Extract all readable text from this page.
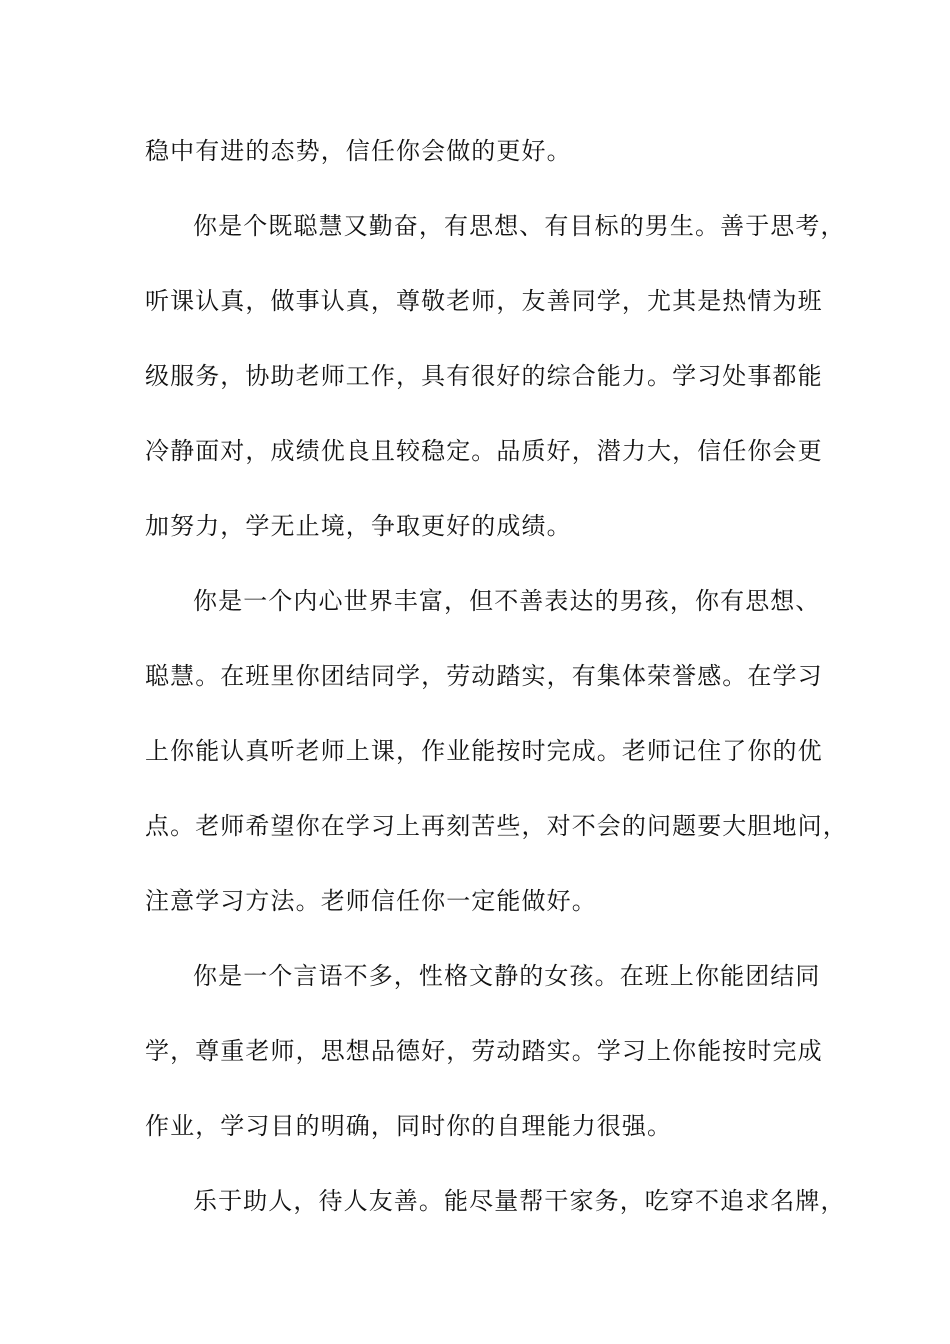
稳中有进的态势，信任你会做的更好。
你是个既聪慧又勤奋，有思想、有目标的男生。善于思考，
听课认真，做事认真，尊敬老师，友善同学，尤其是热情为班
级服务，协助老师工作，具有很好的综合能力。学习处事都能
冷静面对，成绩优良且较稳定。品质好，潜力大，信任你会更
加努力，学无止境，争取更好的成绩。
你是一个内心世界丰富，但不善表达的男孩，你有思想、
聪慧。在班里你团结同学，劳动踏实，有集体荣誉感。在学习
上你能认真听老师上课，作业能按时完成。老师记住了你的优
点。老师希望你在学习上再刻苦些，对不会的问题要大胆地问，
注意学习方法。老师信任你一定能做好。
你是一个言语不多，性格文静的女孩。在班上你能团结同
学，尊重老师，思想品德好，劳动踏实。学习上你能按时完成
作业，学习目的明确，同时你的自理能力很强。
乐于助人，待人友善。能尽量帮干家务，吃穿不追求名牌，
